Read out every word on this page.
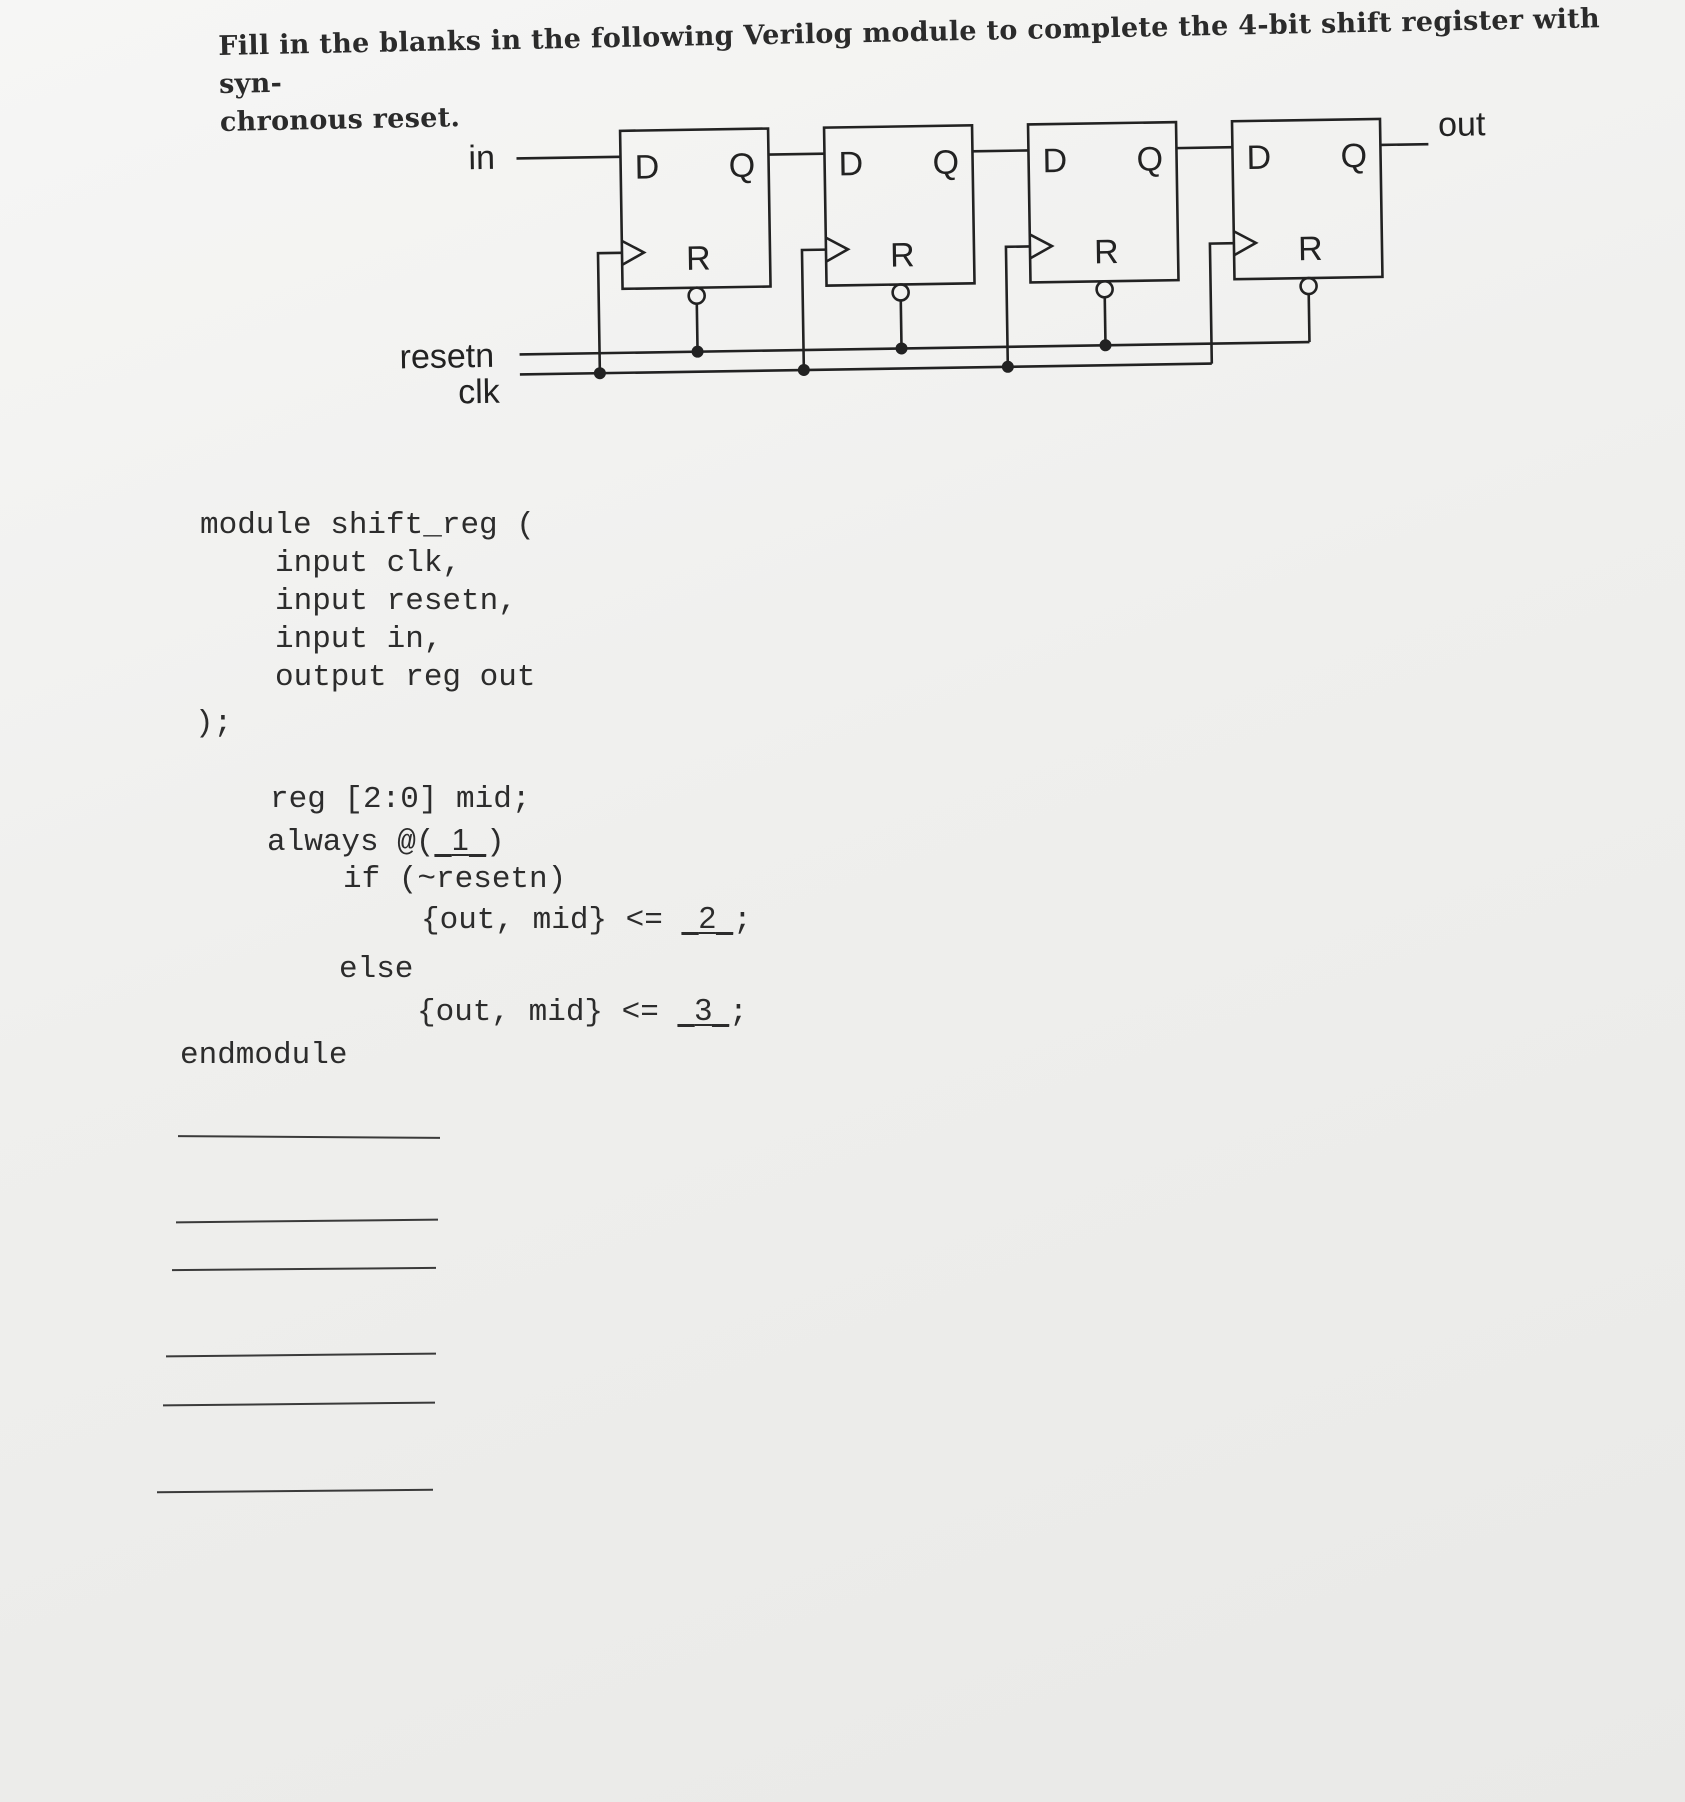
Fill in the blanks in the following Verilog module to complete the 4-bit shift register with syn-
chronous reset.
in
out
resetn
clk
D Q
R
D Q
R
D Q
R
D Q
R
module shift_reg (
input clk,
input resetn,
input in,
output reg out
);
reg [2:0] mid;
always @( 1 )
if (~resetn)
{out, mid} <= 2 ;
else
{out, mid} <= 3 ;
endmodule
